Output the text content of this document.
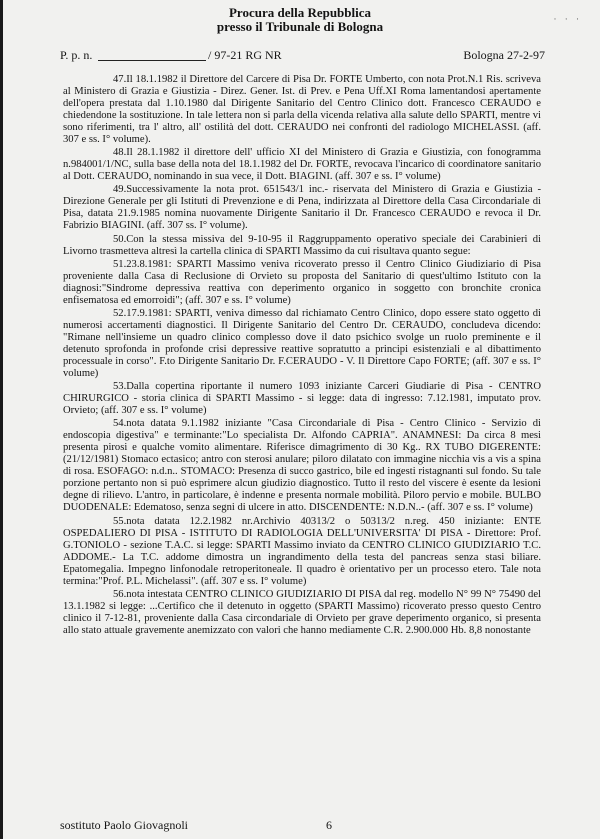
· · ·
Procura della Repubblica
presso il Tribunale di Bologna
P. p. n.	/ 97-21 RG NR	Bologna 27-2-97

47.Il 18.1.1982 il Direttore del Carcere di Pisa Dr. FORTE Umberto, con nota Prot.N.1 Ris. scriveva al Ministero di Grazia e Giustizia - Direz. Gener. Ist. di Prev. e Pena Uff.XI Roma lamentandosi apertamente dell'opera prestata dal 1.10.1980 dal Dirigente Sanitario del Centro Clinico dott. Francesco CERAUDO e chiedendone la sostituzione. In tale lettera non si parla della vicenda relativa alla salute dello SPARTI, mentre vi sono riferimenti, tra l' altro, all' ostilità del dott. CERAUDO nei confronti del radiologo MICHELASSI. (aff. 307 e ss. I° volume).

48.Il 28.1.1982 il direttore dell' ufficio XI del Ministero di Grazia e Giustizia, con fonogramma n.984001/1/NC, sulla base della nota del 18.1.1982 del Dr. FORTE, revocava l'incarico di coordinatore sanitario al Dott. CERAUDO, nominando in sua vece, il Dott. BIAGINI. (aff. 307 e ss. I° volume)

49.Successivamente la nota prot. 651543/1 inc.- riservata del Ministero di Grazia e Giustizia - Direzione Generale per gli Istituti di Prevenzione e di Pena, indirizzata al Direttore della Casa Circondariale di Pisa, datata 21.9.1985 nomina nuovamente Dirigente Sanitario il Dr. Francesco CERAUDO e revoca il Dr. Fabrizio BIAGINI. (aff. 307 ss. I° volume).

50.Con la stessa missiva del 9-10-95 il Raggruppamento operativo speciale dei Carabinieri di Livorno trasmetteva altresì la cartella clinica di SPARTI Massimo da cui risultava quanto segue:

51.23.8.1981: SPARTI Massimo veniva ricoverato presso il Centro Clinico Giudiziario di Pisa proveniente dalla Casa di Reclusione di Orvieto su proposta del Sanitario di quest'ultimo Istituto con la diagnosi:"Sindrome depressiva reattiva con deperimento organico in soggetto con bronchite cronica enfisematosa ed emorroidi"; (aff. 307 e ss. I° volume)

52.17.9.1981: SPARTI, veniva dimesso dal richiamato Centro Clinico, dopo essere stato oggetto di numerosi accertamenti diagnostici. Il Dirigente Sanitario del Centro Dr. CERAUDO, concludeva dicendo: "Rimane nell'insieme un quadro clinico complesso dove il dato psichico svolge un ruolo preminente e il detenuto sprofonda in profonde crisi depressive reattive sopratutto a principi esistenziali e al dibattimento processuale in corso". F.to Dirigente Sanitario Dr. F.CERAUDO - V. Il Direttore Capo FORTE; (aff. 307 e ss. I° volume)

53.Dalla copertina riportante il numero 1093 iniziante Carceri Giudiarie di Pisa - CENTRO CHIRURGICO - storia clinica di SPARTI Massimo - si legge: data di ingresso: 7.12.1981, imputato prov. Orvieto; (aff. 307 e ss. I° volume)

54.nota datata 9.1.1982 iniziante "Casa Circondariale di Pisa - Centro Clinico - Servizio di endoscopia digestiva" e terminante:"Lo specialista Dr. Alfondo CAPRIA". ANAMNESI: Da circa 8 mesi presenta pirosi e qualche vomito alimentare. Riferisce dimagrimento di 30 Kg.. RX TUBO DIGERENTE: (21/12/1981) Stomaco ectasico; antro con sterosi anulare; piloro dilatato con immagine nicchia vis a vis a spina di rosa. ESOFAGO: n.d.n.. STOMACO: Presenza di succo gastrico, bile ed ingesti ristagnanti sul fondo. Su tale porzione pertanto non si può esprimere alcun giudizio diagnostico. Tutto il resto del viscere è esente da lesioni degne di rilievo. L'antro, in particolare, è indenne e presenta normale mobilità. Piloro pervio e mobile. BULBO DUODENALE: Edematoso, senza segni di ulcere in atto. DISCENDENTE: N.D.N..- (aff. 307 e ss. I° volume)

55.nota datata 12.2.1982 nr.Archivio 40313/2 o 50313/2 n.reg. 450 iniziante: ENTE OSPEDALIERO DI PISA - ISTITUTO DI RADIOLOGIA DELL'UNIVERSITA' DI PISA - Direttore: Prof. G.TONIOLO - sezione T.A.C. si legge: SPARTI Massimo inviato da CENTRO CLINICO GIUDIZIARIO T.C. ADDOME.- La T.C. addome dimostra un ingrandimento della testa del pancreas senza stasi biliare. Epatomegalia. Impegno linfonodale retroperitoneale. Il quadro è orientativo per un processo etero. Tale nota termina:"Prof. P.L. Michelassi". (aff. 307 e ss. I° volume)

56.nota intestata CENTRO CLINICO GIUDIZIARIO DI PISA dal reg. modello N° 99 N° 75490 del 13.1.1982 si legge: ...Certifico che il detenuto in oggetto (SPARTI Massimo) ricoverato presso questo Centro clinico il 7-12-81, proveniente dalla Casa circondariale di Orvieto per grave deperimento organico, si presenta allo stato attuale gravemente anemizzato con valori che hanno mediamente C.R. 2.900.000 Hb. 8,8 nonostante

sostituto Paolo Giovagnoli	6
